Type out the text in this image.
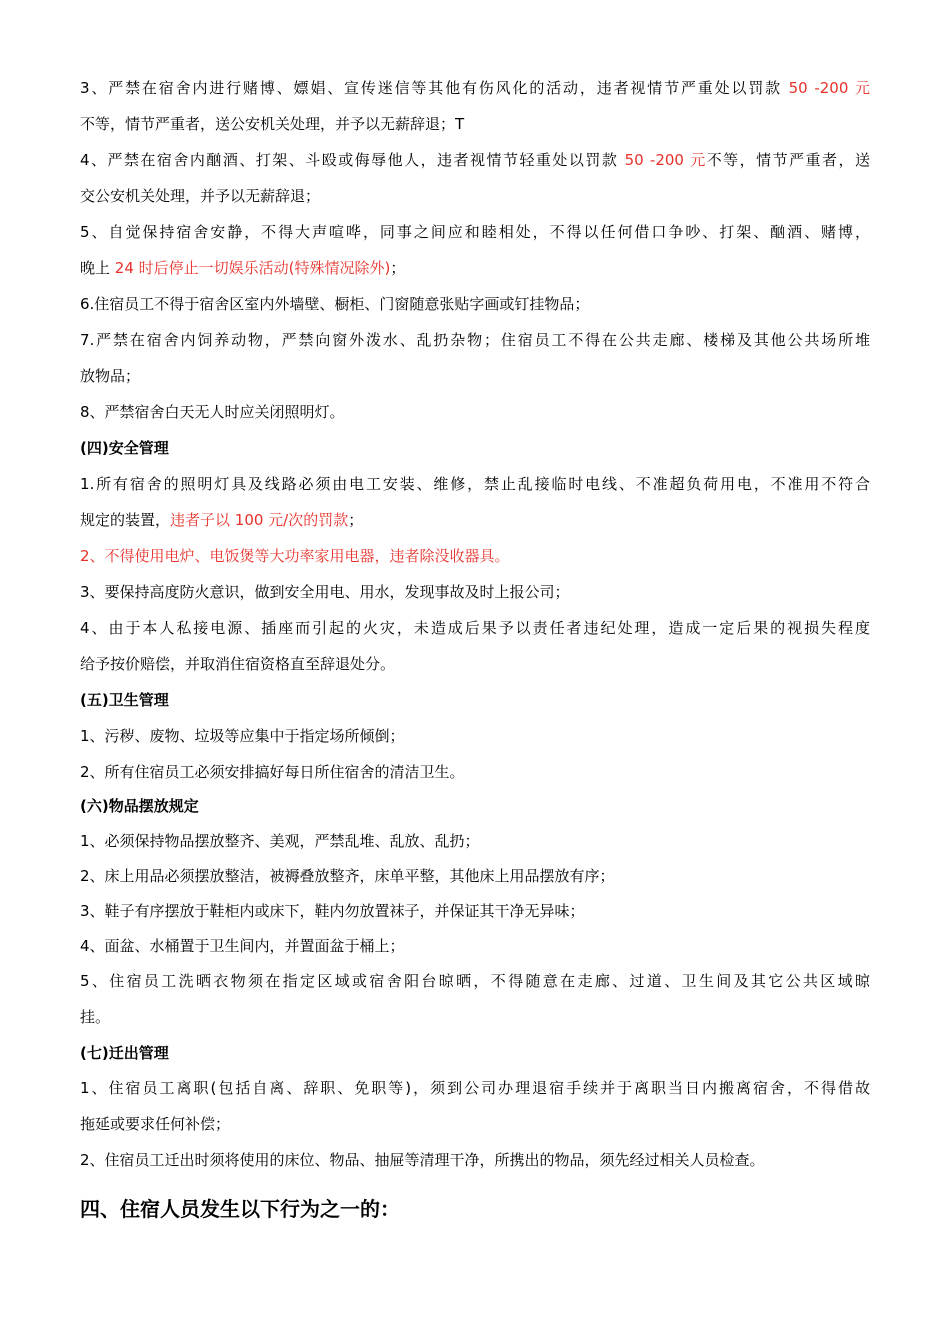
3、严禁在宿舍内进行赌博、嫖娼、宣传迷信等其他有伤风化的活动，违者视情节严重处以罚款 50 -200 元
不等，情节严重者，送公安机关处理，并予以无薪辞退；T
4、严禁在宿舍内酗酒、打架、斗殴或侮辱他人，违者视情节轻重处以罚款 50 -200 元不等，情节严重者，送
交公安机关处理，并予以无薪辞退；
5、自觉保持宿舍安静，不得大声喧哗，同事之间应和睦相处，不得以任何借口争吵、打架、酗酒、赌博，
晚上 24 时后停止一切娱乐活动(特殊情况除外)；
6.住宿员工不得于宿舍区室内外墙壁、橱柜、门窗随意张贴字画或钉挂物品；
7.严禁在宿舍内饲养动物，严禁向窗外泼水、乱扔杂物；住宿员工不得在公共走廊、楼梯及其他公共场所堆
放物品；
8、严禁宿舍白天无人时应关闭照明灯。
(四)安全管理
1.所有宿舍的照明灯具及线路必须由电工安装、维修，禁止乱接临时电线、不准超负荷用电，不准用不符合
规定的装置，违者子以 100 元/次的罚款；
2、不得使用电炉、电饭煲等大功率家用电器，违者除没收器具。
3、要保持高度防火意识，做到安全用电、用水，发现事故及时上报公司；
4、由于本人私接电源、插座而引起的火灾，未造成后果予以责任者违纪处理，造成一定后果的视损失程度
给予按价赔偿，并取消住宿资格直至辞退处分。
(五)卫生管理
1、污秽、废物、垃圾等应集中于指定场所倾倒；
2、所有住宿员工必须安排搞好每日所住宿舍的清洁卫生。
(六)物品摆放规定
1、必须保持物品摆放整齐、美观，严禁乱堆、乱放、乱扔；
2、床上用品必须摆放整洁，被褥叠放整齐，床单平整，其他床上用品摆放有序；
3、鞋子有序摆放于鞋柜内或床下，鞋内勿放置袜子，并保证其干净无异味；
4、面盆、水桶置于卫生间内，并置面盆于桶上；
5、住宿员工洗晒衣物须在指定区域或宿舍阳台晾晒，不得随意在走廊、过道、卫生间及其它公共区域晾
挂。
(七)迁出管理
1、住宿员工离职(包括自离、辞职、免职等)，须到公司办理退宿手续并于离职当日内搬离宿舍，不得借故
拖延或要求任何补偿；
2、住宿员工迁出时须将使用的床位、物品、抽屉等清理干净，所携出的物品，须先经过相关人员检查。
四、住宿人员发生以下行为之一的：
